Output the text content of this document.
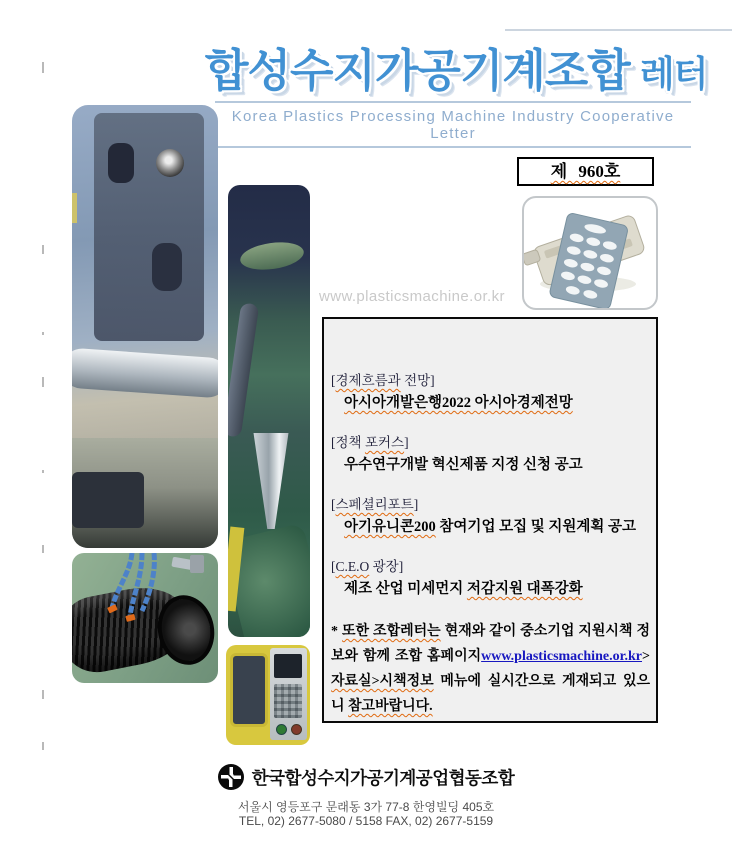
합성수지가공기계조합 레터
Korea Plastics Processing Machine Industry Cooperative Letter
제 960호
www.plasticsmachine.or.kr
[경제흐름과 전망]
아시아개발은행2022 아시아경제전망
[정책 포커스]
우수연구개발 혁신제품 지정 신청 공고
[스페셜리포트]
아기유니콘200 참여기업 모집 및 지원계획 공고
[C.E.O 광장]
제조 산업 미세먼지 저감지원 대폭강화
* 또한 조합레터는 현재와 같이 중소기업 지원시책 정보와 함께 조합 홈페이지www.plasticsmachine.or.kr>자료실>시책정보 메뉴에 실시간으로 게재되고 있으니 참고바랍니다.
한국합성수지가공기계공업협동조합
서울시 영등포구 문래동 3가 77-8 한영빌딩 405호
TEL, 02) 2677-5080 / 5158 FAX, 02) 2677-5159
